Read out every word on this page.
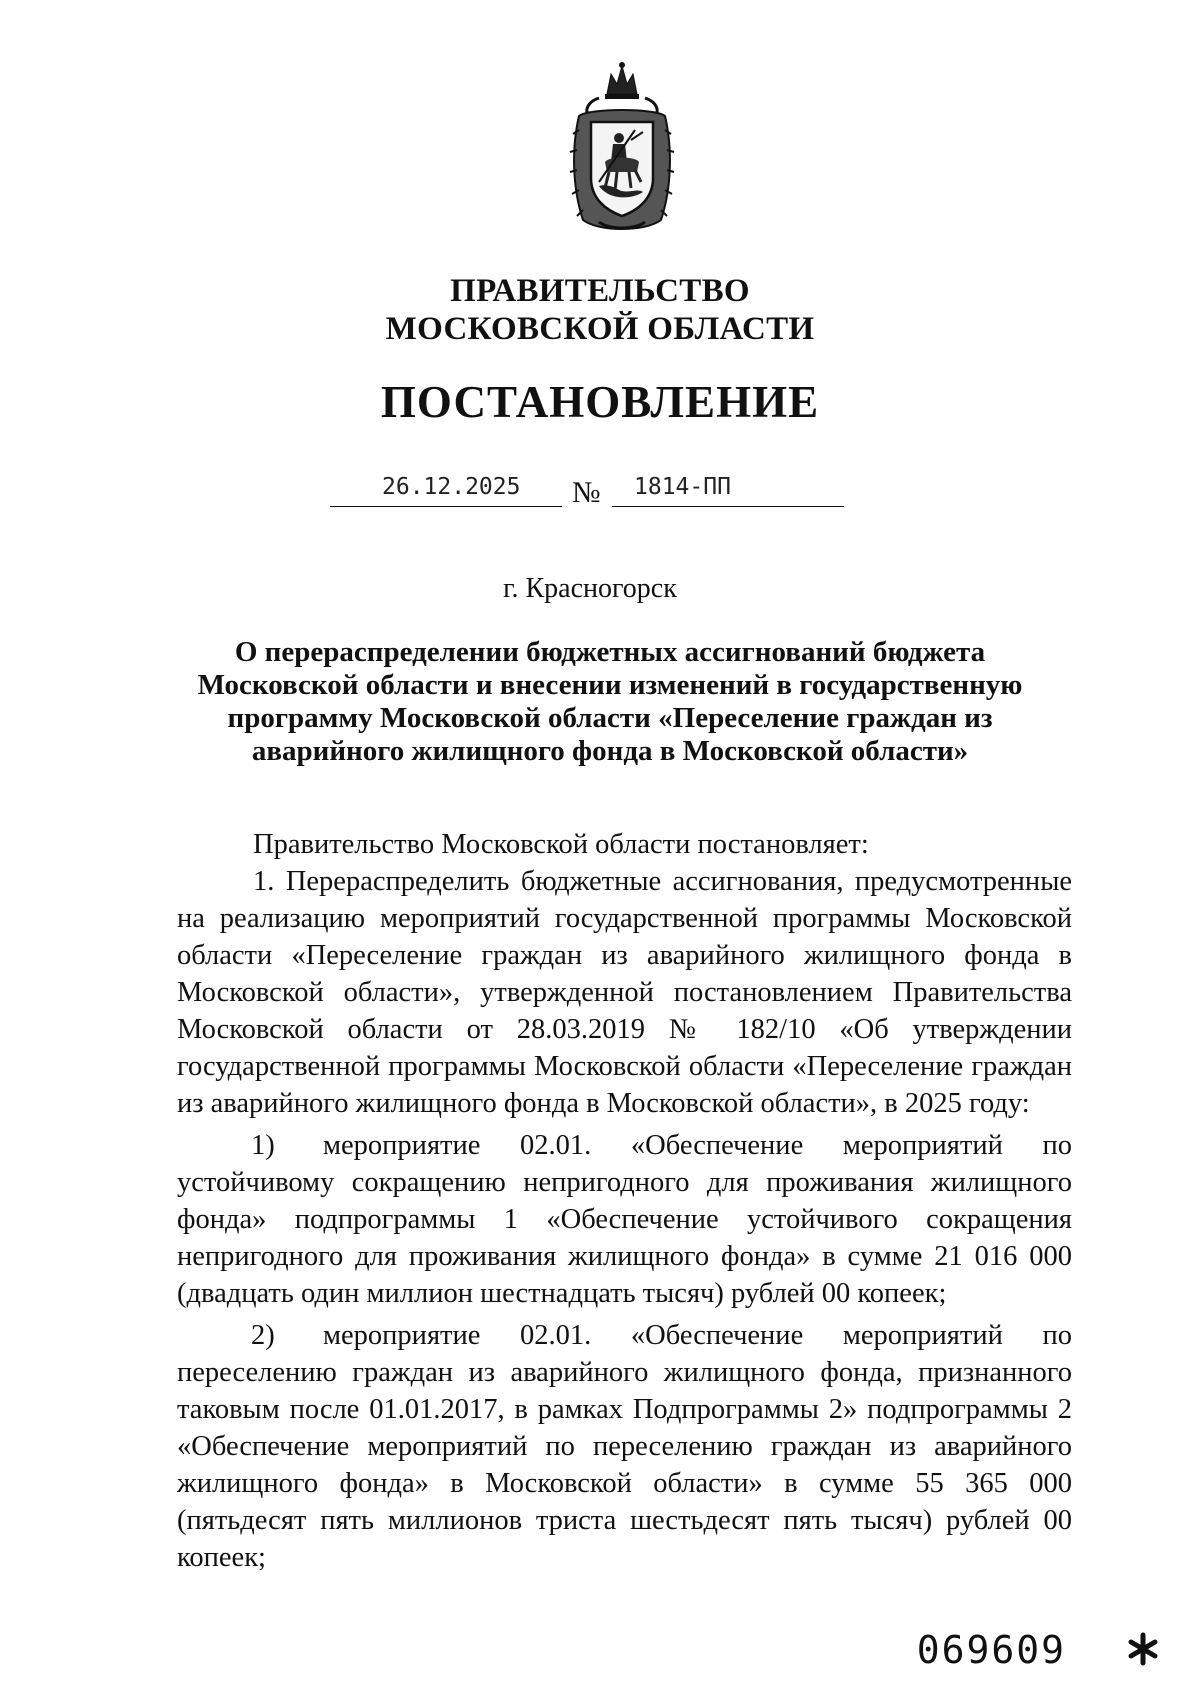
ПРАВИТЕЛЬСТВО
МОСКОВСКОЙ ОБЛАСТИ
ПОСТАНОВЛЕНИЕ
26.12.2025 № 1814-ПП
г. Красногорск
О перераспределении бюджетных ассигнований бюджета Московской области и внесении изменений в государственную программу Московской области «Переселение граждан из аварийного жилищного фонда в Московской области»

Правительство Московской области постановляет:

1. Перераспределить бюджетные ассигнования, предусмотренные на реализацию мероприятий государственной программы Московской области «Переселение граждан из аварийного жилищного фонда в Московской области», утвержденной постановлением Правительства Московской области от 28.03.2019 № 182/10 «Об утверждении государственной программы Московской области «Переселение граждан из аварийного жилищного фонда в Московской области», в 2025 году:

1) мероприятие 02.01. «Обеспечение мероприятий по устойчивому сокращению непригодного для проживания жилищного фонда» подпрограммы 1 «Обеспечение устойчивого сокращения непригодного для проживания жилищного фонда» в сумме 21 016 000 (двадцать один миллион шестнадцать тысяч) рублей 00 копеек;

2) мероприятие 02.01. «Обеспечение мероприятий по переселению граждан из аварийного жилищного фонда, признанного таковым после 01.01.2017, в рамках Подпрограммы 2» подпрограммы 2 «Обеспечение мероприятий по переселению граждан из аварийного жилищного фонда» в Московской области» в сумме 55 365 000 (пятьдесят пять миллионов триста шестьдесят пять тысяч) рублей 00 копеек;

069609
